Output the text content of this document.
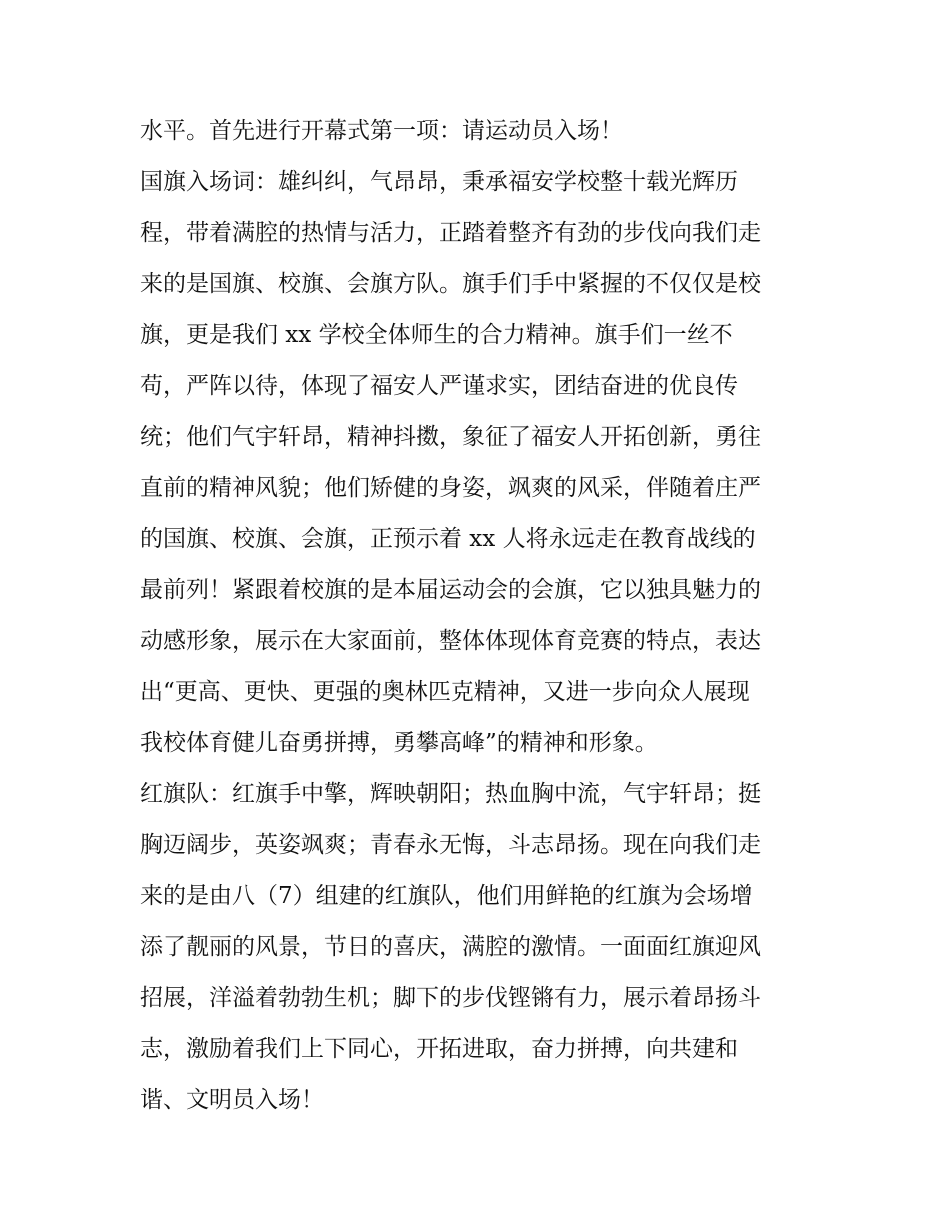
水平。首先进行开幕式第一项：请运动员入场！
国旗入场词：雄纠纠，气昂昂，秉承福安学校整十载光辉历
程，带着满腔的热情与活力，正踏着整齐有劲的步伐向我们走
来的是国旗、校旗、会旗方队。旗手们手中紧握的不仅仅是校
旗，更是我们 xx 学校全体师生的合力精神。旗手们一丝不
苟，严阵以待，体现了福安人严谨求实，团结奋进的优良传
统；他们气宇轩昂，精神抖擞，象征了福安人开拓创新，勇往
直前的精神风貌；他们矫健的身姿，飒爽的风采，伴随着庄严
的国旗、校旗、会旗，正预示着 xx 人将永远走在教育战线的
最前列！紧跟着校旗的是本届运动会的会旗，它以独具魅力的
动感形象，展示在大家面前，整体体现体育竞赛的特点，表达
出“更高、更快、更强的奥林匹克精神，又进一步向众人展现
我校体育健儿奋勇拼搏，勇攀高峰”的精神和形象。
红旗队：红旗手中擎，辉映朝阳；热血胸中流，气宇轩昂；挺
胸迈阔步，英姿飒爽；青春永无悔，斗志昂扬。现在向我们走
来的是由八（7）组建的红旗队，他们用鲜艳的红旗为会场增
添了靓丽的风景，节日的喜庆，满腔的激情。一面面红旗迎风
招展，洋溢着勃勃生机；脚下的步伐铿锵有力，展示着昂扬斗
志，激励着我们上下同心，开拓进取，奋力拼搏，向共建和
谐、文明员入场！
